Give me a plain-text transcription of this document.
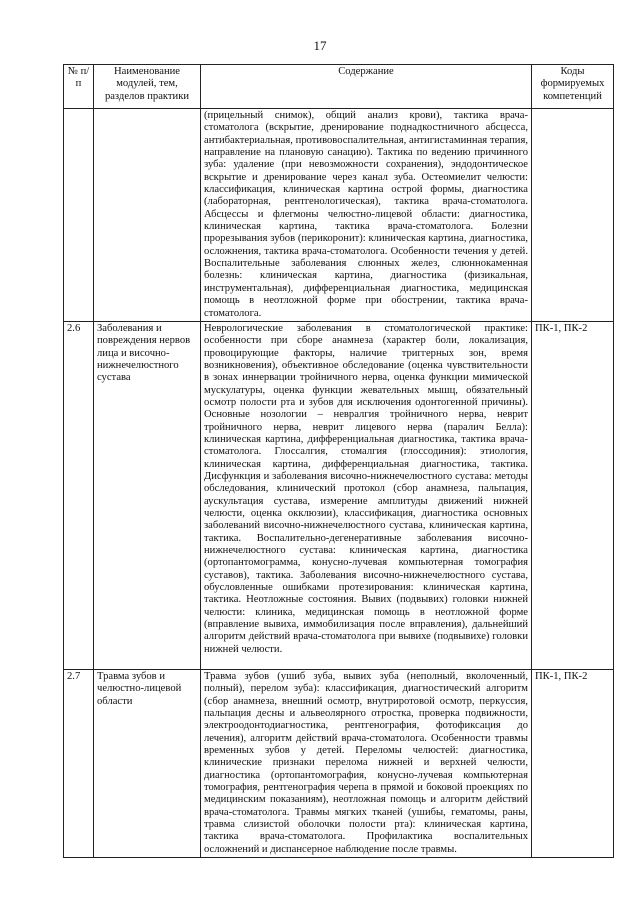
17
№ п/п	Наименование модулей, тем, разделов практики	Содержание	Коды формируемых компетенций
		(прицельный снимок), общий анализ крови), тактика врача-стоматолога (вскрытие, дренирование поднадкостничного абсцесса, антибактериальная, противовоспалительная, антигистаминная терапия, направление на плановую санацию). Тактика по ведению причинного зуба: удаление (при невозможности сохранения), эндодонтическое вскрытие и дренирование через канал зуба. Остеомиелит челюсти: классификация, клиническая картина острой формы, диагностика (лабораторная, рентгенологическая), тактика врача-стоматолога. Абсцессы и флегмоны челюстно-лицевой области: диагностика, клиническая картина, тактика врача-стоматолога. Болезни прорезывания зубов (перикоронит): клиническая картина, диагностика, осложнения, тактика врача-стоматолога. Особенности течения у детей. Воспалительные заболевания слюнных желез, слюннокаменная болезнь: клиническая картина, диагностика (физикальная, инструментальная), дифференциальная диагностика, медицинская помощь в неотложной форме при обострении, тактика врача-стоматолога.	
2.6	Заболевания и повреждения нервов лица и височно-нижнечелюстного сустава	Неврологические заболевания в стоматологической практике: особенности при сборе анамнеза (характер боли, локализация, провоцирующие факторы, наличие триггерных зон, время возникновения), объективное обследование (оценка чувствительности в зонах иннервации тройничного нерва, оценка функции мимической мускулатуры, оценка функции жевательных мышц, обязательный осмотр полости рта и зубов для исключения одонтогенной причины). Основные нозологии – невралгия тройничного нерва, неврит тройничного нерва, неврит лицевого нерва (паралич Белла): клиническая картина, дифференциальная диагностика, тактика врача-стоматолога. Глоссалгия, стомалгия (глоссодиния): этиология, клиническая картина, дифференциальная диагностика, тактика. Дисфункция и заболевания височно-нижнечелюстного сустава: методы обследования, клинический протокол (сбор анамнеза, пальпация, аускультация сустава, измерение амплитуды движений нижней челюсти, оценка окклюзии), классификация, диагностика основных заболеваний височно-нижнечелюстного сустава, клиническая картина, тактика. Воспалительно-дегенеративные заболевания височно-нижнечелюстного сустава: клиническая картина, диагностика (ортопантомограмма, конусно-лучевая компьютерная томография суставов), тактика. Заболевания височно-нижнечелюстного сустава, обусловленные ошибками протезирования: клиническая картина, тактика. Неотложные состояния. Вывих (подвывих) головки нижней челюсти: клиника, медицинская помощь в неотложной форме (вправление вывиха, иммобилизация после вправления), дальнейший алгоритм действий врача-стоматолога при вывихе (подвывихе) головки нижней челюсти.	ПК-1, ПК-2
2.7	Травма зубов и челюстно-лицевой области	Травма зубов (ушиб зуба, вывих зуба (неполный, вколоченный, полный), перелом зуба): классификация, диагностический алгоритм (сбор анамнеза, внешний осмотр, внутриротовой осмотр, перкуссия, пальпация десны и альвеолярного отростка, проверка подвижности, электроодонтодиагностика, рентгенография, фотофиксация до лечения), алгоритм действий врача-стоматолога. Особенности травмы временных зубов у детей. Переломы челюстей: диагностика, клинические признаки перелома нижней и верхней челюсти, диагностика (ортопантомография, конусно-лучевая компьютерная томография, рентгенография черепа в прямой и боковой проекциях по медицинским показаниям), неотложная помощь и алгоритм действий врача-стоматолога. Травмы мягких тканей (ушибы, гематомы, раны, травма слизистой оболочки полости рта): клиническая картина, тактика врача-стоматолога. Профилактика воспалительных осложнений и диспансерное наблюдение после травмы.	ПК-1, ПК-2
